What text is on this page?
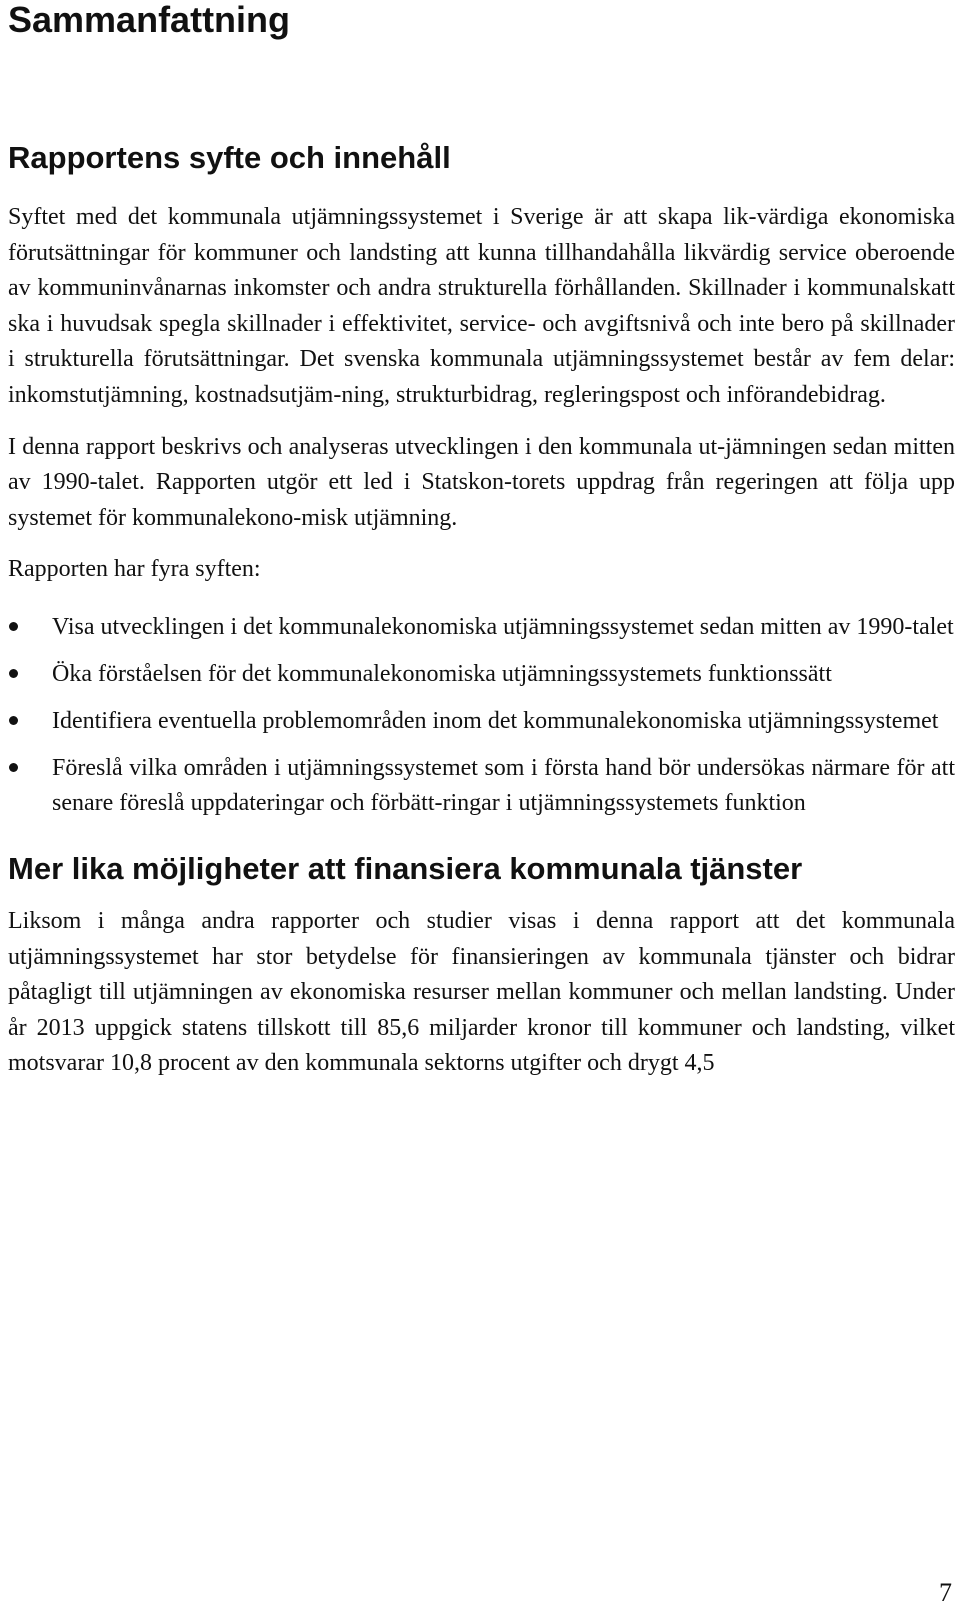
Sammanfattning
Rapportens syfte och innehåll

Syftet med det kommunala utjämningssystemet i Sverige är att skapa lik-värdiga ekonomiska förutsättningar för kommuner och landsting att kunna tillhandahålla likvärdig service oberoende av kommuninvånarnas inkomster och andra strukturella förhållanden. Skillnader i kommunalskatt ska i huvudsak spegla skillnader i effektivitet, service- och avgiftsnivå och inte bero på skillnader i strukturella förutsättningar. Det svenska kommunala utjämningssystemet består av fem delar: inkomstutjämning, kostnadsutjäm-ning, strukturbidrag, regleringspost och införandebidrag.

I denna rapport beskrivs och analyseras utvecklingen i den kommunala ut-jämningen sedan mitten av 1990-talet. Rapporten utgör ett led i Statskon-torets uppdrag från regeringen att följa upp systemet för kommunalekono-misk utjämning.

Rapporten har fyra syften:

Visa utvecklingen i det kommunalekonomiska utjämningssystemet sedan mitten av 1990-talet
Öka förståelsen för det kommunalekonomiska utjämningssystemets funktionssätt
Identifiera eventuella problemområden inom det kommunalekonomiska utjämningssystemet
Föreslå vilka områden i utjämningssystemet som i första hand bör undersökas närmare för att senare föreslå uppdateringar och förbätt-ringar i utjämningssystemets funktion
Mer lika möjligheter att finansiera kommunala tjänster

Liksom i många andra rapporter och studier visas i denna rapport att det kommunala utjämningssystemet har stor betydelse för finansieringen av kommunala tjänster och bidrar påtagligt till utjämningen av ekonomiska resurser mellan kommuner och mellan landsting. Under år 2013 uppgick statens tillskott till 85,6 miljarder kronor till kommuner och landsting, vilket motsvarar 10,8 procent av den kommunala sektorns utgifter och drygt 4,5

7
